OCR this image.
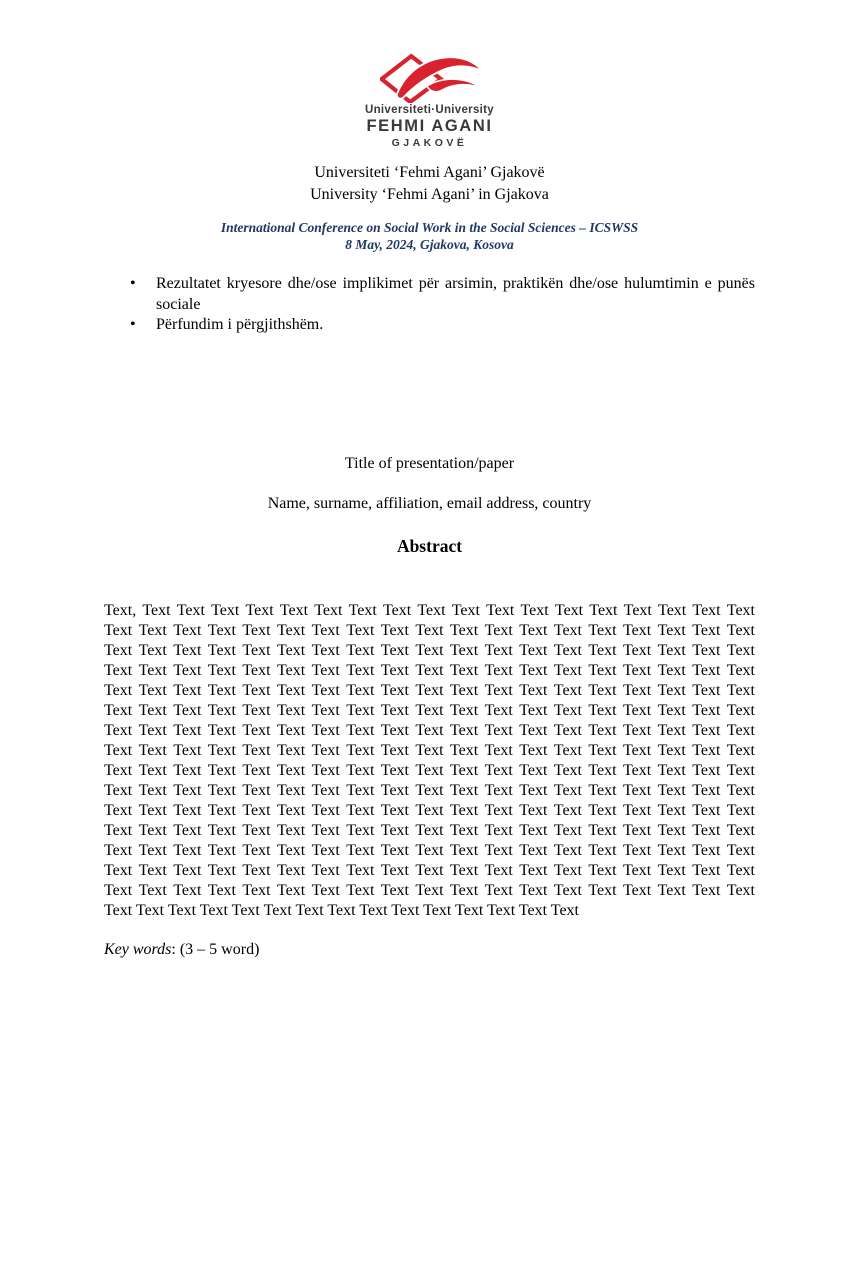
Universiteti·University
FEHMI AGANI
GJAKOVË
Universiteti ‘Fehmi Agani’ Gjakovë
University ‘Fehmi Agani’ in Gjakova
International Conference on Social Work in the Social Sciences – ICSWSS
8 May, 2024, Gjakova, Kosova
• Rezultatet kryesore dhe/ose implikimet për arsimin, praktikën dhe/ose hulumtimin e punës sociale
• Përfundim i përgjithshëm.
Title of presentation/paper
Name, surname, affiliation, email address, country
Abstract
Text, Text Text Text Text Text Text Text Text Text Text Text Text Text Text Text Text Text Text
Text Text Text Text Text Text Text Text Text Text Text Text Text Text Text Text Text Text Text
Text Text Text Text Text Text Text Text Text Text Text Text Text Text Text Text Text Text Text
Text Text Text Text Text Text Text Text Text Text Text Text Text Text Text Text Text Text Text
Text Text Text Text Text Text Text Text Text Text Text Text Text Text Text Text Text Text Text
Text Text Text Text Text Text Text Text Text Text Text Text Text Text Text Text Text Text Text
Text Text Text Text Text Text Text Text Text Text Text Text Text Text Text Text Text Text Text
Text Text Text Text Text Text Text Text Text Text Text Text Text Text Text Text Text Text Text
Text Text Text Text Text Text Text Text Text Text Text Text Text Text Text Text Text Text Text
Text Text Text Text Text Text Text Text Text Text Text Text Text Text Text Text Text Text Text
Text Text Text Text Text Text Text Text Text Text Text Text Text Text Text Text Text Text Text
Text Text Text Text Text Text Text Text Text Text Text Text Text Text Text Text Text Text Text
Text Text Text Text Text Text Text Text Text Text Text Text Text Text Text Text Text Text Text
Text Text Text Text Text Text Text Text Text Text Text Text Text Text Text Text Text Text Text
Text Text Text Text Text Text Text Text Text Text Text Text Text Text Text Text Text Text Text
Text Text Text Text Text Text Text Text Text Text Text Text Text Text Text
Key words: (3 – 5 word)
